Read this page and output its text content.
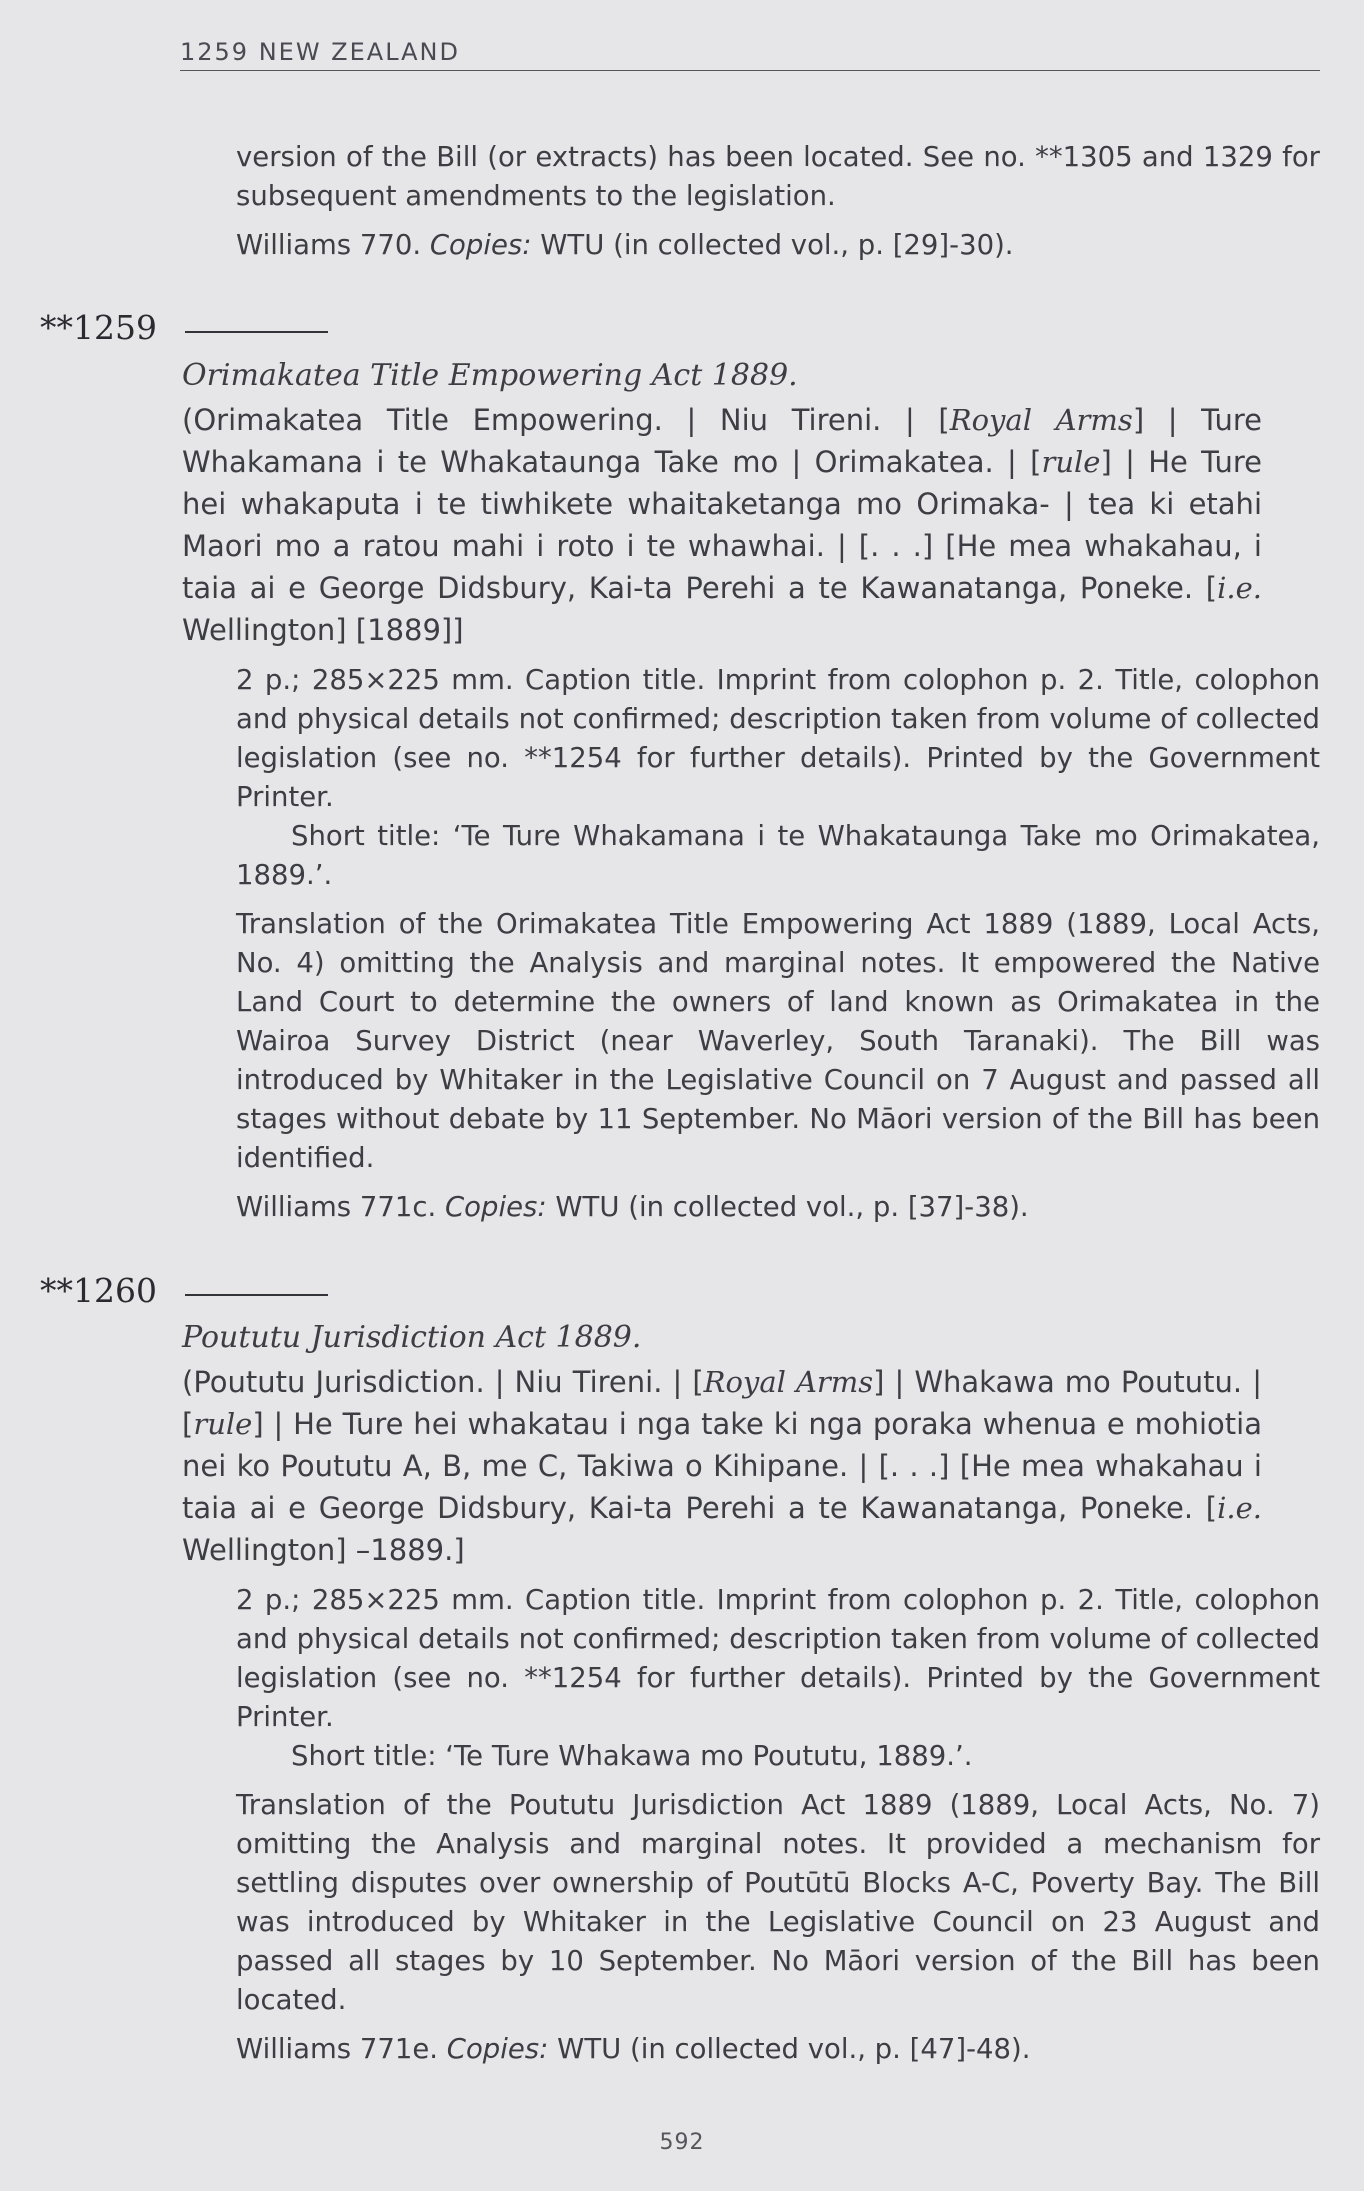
1259 NEW ZEALAND

version of the Bill (or extracts) has been located. See no. **1305 and 1329 for subsequent amendments to the legislation.

Williams 770. Copies: WTU (in collected vol., p. [29]-30).

**1259
Orimakatea Title Empowering Act 1889.
(Orimakatea Title Empowering. | Niu Tireni. | [Royal Arms] | Ture Whakamana i te Whakataunga Take mo | Orimakatea. | [rule] | He Ture hei whakaputa i te tiwhikete whaitaketanga mo Orimaka- | tea ki etahi Maori mo a ratou mahi i roto i te whawhai. | [. . .] [He mea whakahau, i taia ai e George Didsbury, Kai-ta Perehi a te Kawanatanga, Poneke. [i.e. Wellington] [1889]]

2 p.; 285×225 mm. Caption title. Imprint from colophon p. 2. Title, colophon and physical details not confirmed; description taken from volume of collected legislation (see no. **1254 for further details). Printed by the Government Printer.

Short title: ‘Te Ture Whakamana i te Whakataunga Take mo Orimakatea, 1889.’.

Translation of the Orimakatea Title Empowering Act 1889 (1889, Local Acts, No. 4) omitting the Analysis and marginal notes. It empowered the Native Land Court to determine the owners of land known as Orimakatea in the Wairoa Survey District (near Waverley, South Taranaki). The Bill was introduced by Whitaker in the Legislative Council on 7 August and passed all stages without debate by 11 September. No Māori version of the Bill has been identified.

Williams 771c. Copies: WTU (in collected vol., p. [37]-38).

**1260
Poututu Jurisdiction Act 1889.
(Poututu Jurisdiction. | Niu Tireni. | [Royal Arms] | Whakawa mo Poututu. | [rule] | He Ture hei whakatau i nga take ki nga poraka whenua e mohiotia nei ko Poututu A, B, me C, Takiwa o Kihipane. | [. . .] [He mea whakahau i taia ai e George Didsbury, Kai-ta Perehi a te Kawanatanga, Poneke. [i.e. Wellington] –1889.]

2 p.; 285×225 mm. Caption title. Imprint from colophon p. 2. Title, colophon and physical details not confirmed; description taken from volume of collected legislation (see no. **1254 for further details). Printed by the Government Printer.

Short title: ‘Te Ture Whakawa mo Poututu, 1889.’.

Translation of the Poututu Jurisdiction Act 1889 (1889, Local Acts, No. 7) omitting the Analysis and marginal notes. It provided a mechanism for settling disputes over ownership of Poutūtū Blocks A-C, Poverty Bay. The Bill was introduced by Whitaker in the Legislative Council on 23 August and passed all stages by 10 September. No Māori version of the Bill has been located.

Williams 771e. Copies: WTU (in collected vol., p. [47]-48).

592
